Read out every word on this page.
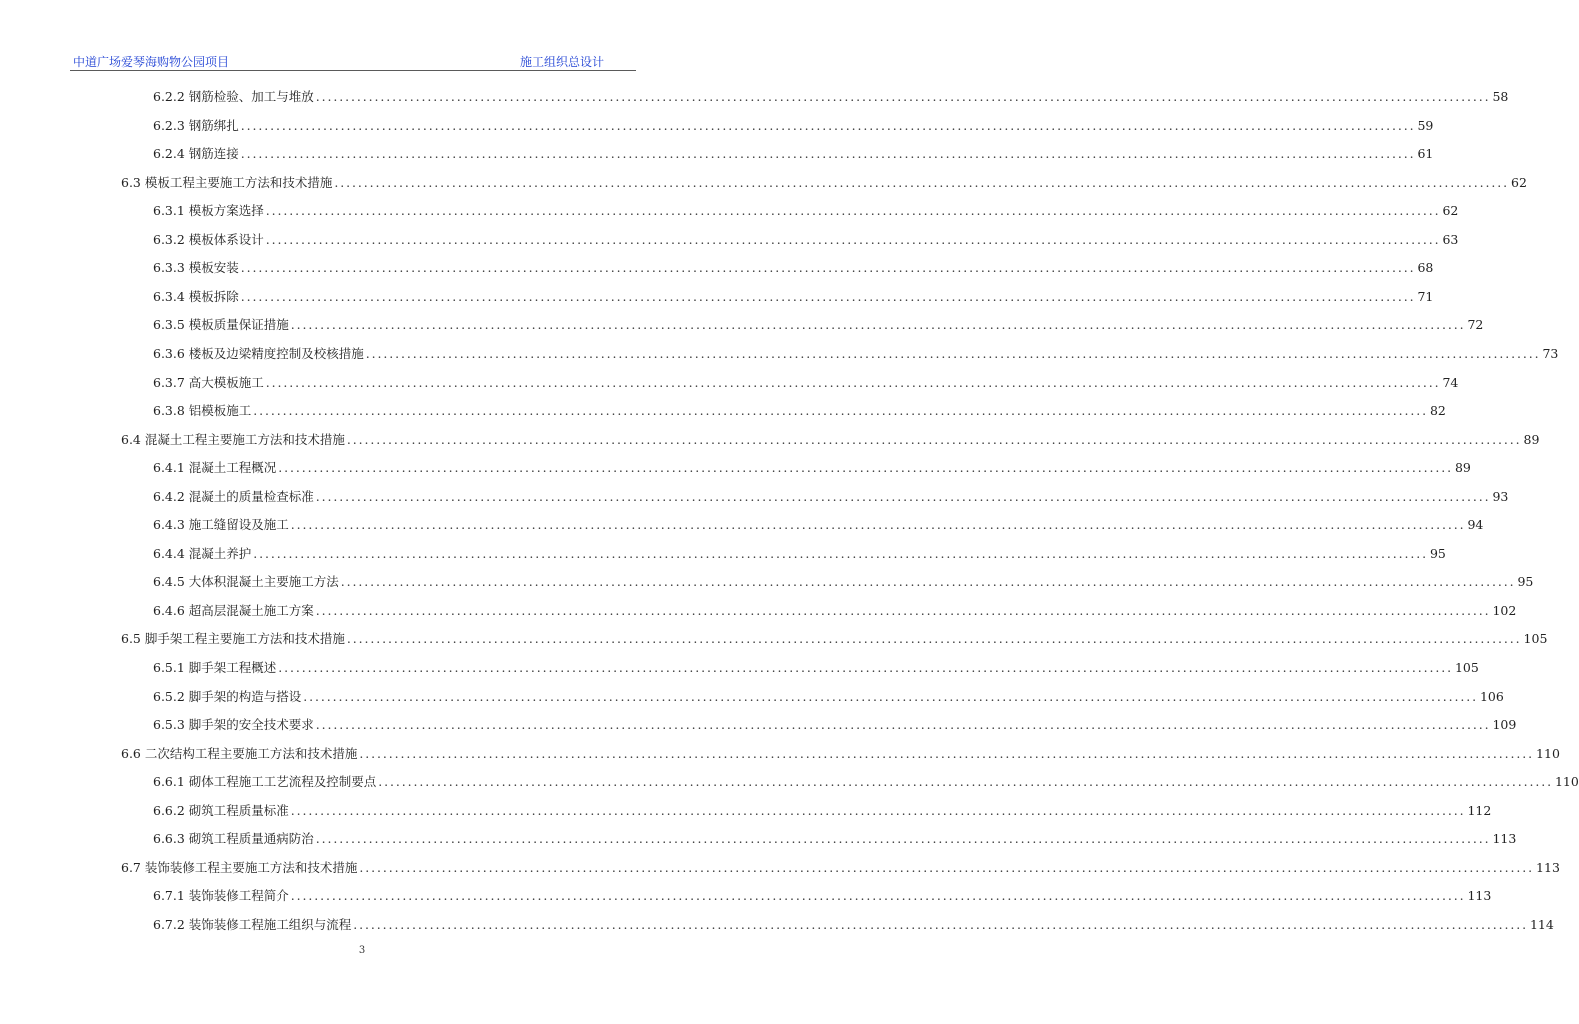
中道广场爱琴海购物公园项目	施工组织总设计
6.2.2 钢筋检验、加工与堆放 ........................................................................................................................................................................................................ 58
6.2.3 钢筋绑扎 ........................................................................................................................................................................................................ 59
6.2.4 钢筋连接 ........................................................................................................................................................................................................ 61
6.3 模板工程主要施工方法和技术措施 ........................................................................................................................................................................................................ 62
6.3.1 模板方案选择 ........................................................................................................................................................................................................ 62
6.3.2 模板体系设计 ........................................................................................................................................................................................................ 63
6.3.3 模板安装 ........................................................................................................................................................................................................ 68
6.3.4 模板拆除 ........................................................................................................................................................................................................ 71
6.3.5 模板质量保证措施 ........................................................................................................................................................................................................ 72
6.3.6 楼板及边梁精度控制及校核措施 ........................................................................................................................................................................................................ 73
6.3.7 高大模板施工 ........................................................................................................................................................................................................ 74
6.3.8 铝模板施工 ........................................................................................................................................................................................................ 82
6.4 混凝土工程主要施工方法和技术措施 ........................................................................................................................................................................................................ 89
6.4.1 混凝土工程概况 ........................................................................................................................................................................................................ 89
6.4.2 混凝土的质量检查标准 ........................................................................................................................................................................................................ 93
6.4.3 施工缝留设及施工 ........................................................................................................................................................................................................ 94
6.4.4 混凝土养护 ........................................................................................................................................................................................................ 95
6.4.5 大体积混凝土主要施工方法 ........................................................................................................................................................................................................ 95
6.4.6 超高层混凝土施工方案 ........................................................................................................................................................................................................ 102
6.5 脚手架工程主要施工方法和技术措施 ........................................................................................................................................................................................................ 105
6.5.1 脚手架工程概述 ........................................................................................................................................................................................................ 105
6.5.2 脚手架的构造与搭设 ........................................................................................................................................................................................................ 106
6.5.3 脚手架的安全技术要求 ........................................................................................................................................................................................................ 109
6.6 二次结构工程主要施工方法和技术措施 ........................................................................................................................................................................................................ 110
6.6.1 砌体工程施工工艺流程及控制要点 ........................................................................................................................................................................................................ 110
6.6.2 砌筑工程质量标准 ........................................................................................................................................................................................................ 112
6.6.3 砌筑工程质量通病防治 ........................................................................................................................................................................................................ 113
6.7 装饰装修工程主要施工方法和技术措施 ........................................................................................................................................................................................................ 113
6.7.1 装饰装修工程简介 ........................................................................................................................................................................................................ 113
6.7.2 装饰装修工程施工组织与流程 ........................................................................................................................................................................................................ 114
3
